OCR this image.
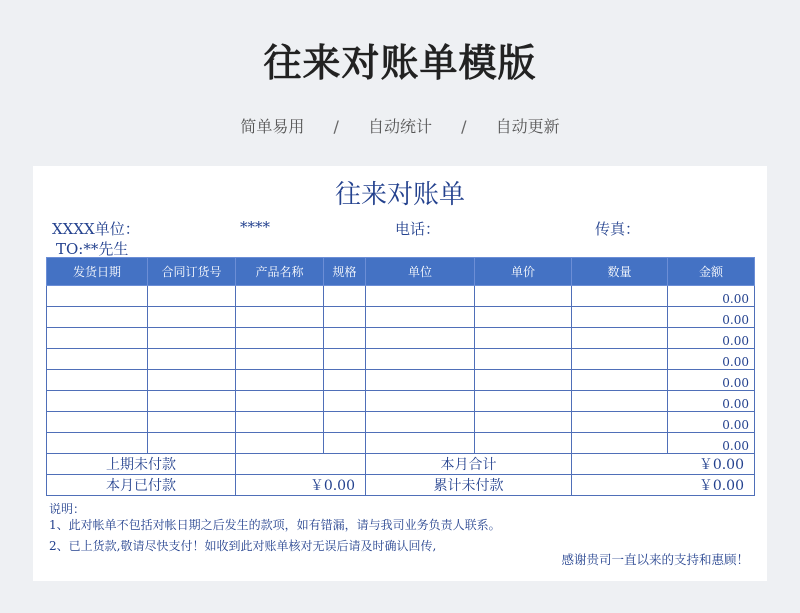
往来对账单模版
简单易用 / 自动统计 / 自动更新
往来对账单
XXXX单位：	****	电话：	传真：
TO:**先生
发货日期	合同订货号	产品名称	规格	单位	单价	数量	金额
							0.00
							0.00
							0.00
							0.00
							0.00
							0.00
							0.00
							0.00
上期未付款				本月合计		￥0.00	
本月已付款		￥0.00		累计未付款		￥0.00	
说明：
1、此对帐单不包括对帐日期之后发生的款项，如有错漏，请与我司业务负责人联系。
2、已上货款,敬请尽快支付！如收到此对账单核对无误后请及时确认回传,
感谢贵司一直以来的支持和惠顾！
